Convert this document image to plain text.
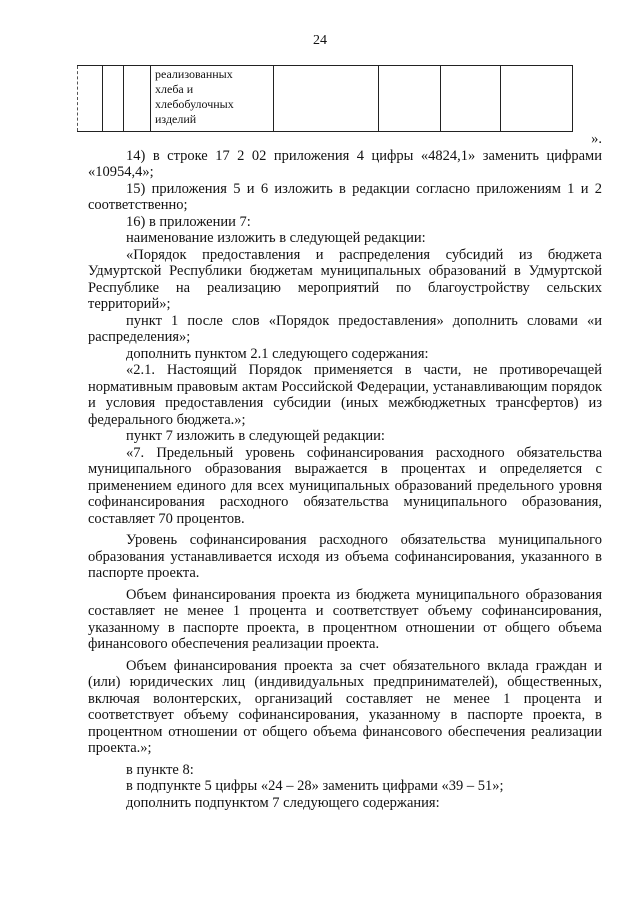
24

реализованных
хлеба и
хлебобулочных
изделий

».

14) в строке 17 2 02 приложения 4 цифры «4824,1» заменить цифрами «10954,4»;

15) приложения 5 и 6 изложить в редакции согласно приложениям 1 и 2 соответственно;

16) в приложении 7:

наименование изложить в следующей редакции:

«Порядок предоставления и распределения субсидий из бюджета Удмуртской Республики бюджетам муниципальных образований в Удмуртской Республике на реализацию мероприятий по благоустройству сельских территорий»;

пункт 1 после слов «Порядок предоставления» дополнить словами «и распределения»;

дополнить пунктом 2.1 следующего содержания:

«2.1. Настоящий Порядок применяется в части, не противоречащей нормативным правовым актам Российской Федерации, устанавливающим порядок и условия предоставления субсидии (иных межбюджетных трансфертов) из федерального бюджета.»;

пункт 7 изложить в следующей редакции:

«7. Предельный уровень софинансирования расходного обязательства муниципального образования выражается в процентах и определяется с применением единого для всех муниципальных образований предельного уровня софинансирования расходного обязательства муниципального образования, составляет 70 процентов.

Уровень софинансирования расходного обязательства муниципального образования устанавливается исходя из объема софинансирования, указанного в паспорте проекта.

Объем финансирования проекта из бюджета муниципального образования составляет не менее 1 процента и соответствует объему софинансирования, указанному в паспорте проекта, в процентном отношении от общего объема финансового обеспечения реализации проекта.

Объем финансирования проекта за счет обязательного вклада граждан и (или) юридических лиц (индивидуальных предпринимателей), общественных, включая волонтерских, организаций составляет не менее 1 процента и соответствует объему софинансирования, указанному в паспорте проекта, в процентном отношении от общего объема финансового обеспечения реализации проекта.»;

в пункте 8:

в подпункте 5 цифры «24 – 28» заменить цифрами «39 – 51»;

дополнить подпунктом 7 следующего содержания:
